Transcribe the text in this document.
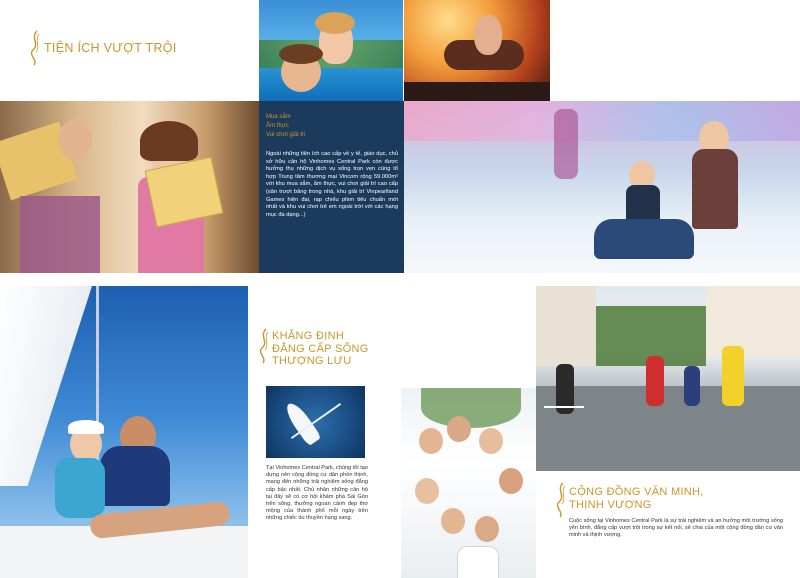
TIỆN ÍCH VƯỢT TRỘI
Mua sắm
Ẩm thực
Vui chơi giải trí

Ngoài những tiện ích cao cấp về y tế, giáo dục, chủ sở hữu căn hộ Vinhomes Central Park còn được hưởng thụ những dịch vụ sống trọn vẹn cùng tổ hợp Trung tâm thương mại Vincom rộng 59.000m² với khu mua sắm, ẩm thực, vui chơi giải trí cao cấp (sân trượt băng trong nhà, khu giải trí Vinpearlland Games hiện đại, rạp chiếu phim tiêu chuẩn mới nhất và khu vui chơi trẻ em ngoài trời với các hạng mục đa dạng...)

KHẲNG ĐỊNH
ĐẲNG CẤP SỐNG
THƯỢNG LƯU

Tại Vinhomes Central Park, chúng tôi tạo dựng nên cộng đồng cư dân phồn thịnh, mang đến những trải nghiệm sống đẳng cấp bậc nhất. Chủ nhân những căn hộ tại đây sẽ có cơ hội khám phá Sài Gòn trên sông, thưởng ngoạn cảnh đẹp thơ mộng của thành phố mỗi ngày trên những chiếc du thuyền hạng sang.

CỘNG ĐỒNG VĂN MINH,
THỊNH VƯỢNG

Cuộc sống tại Vinhomes Central Park là sự trải nghiệm và an hưởng môi trường sống yên bình, đẳng cấp vượt trội trong sự kết nối, sẻ chia của một cộng đồng dân cư văn minh và thịnh vượng.
